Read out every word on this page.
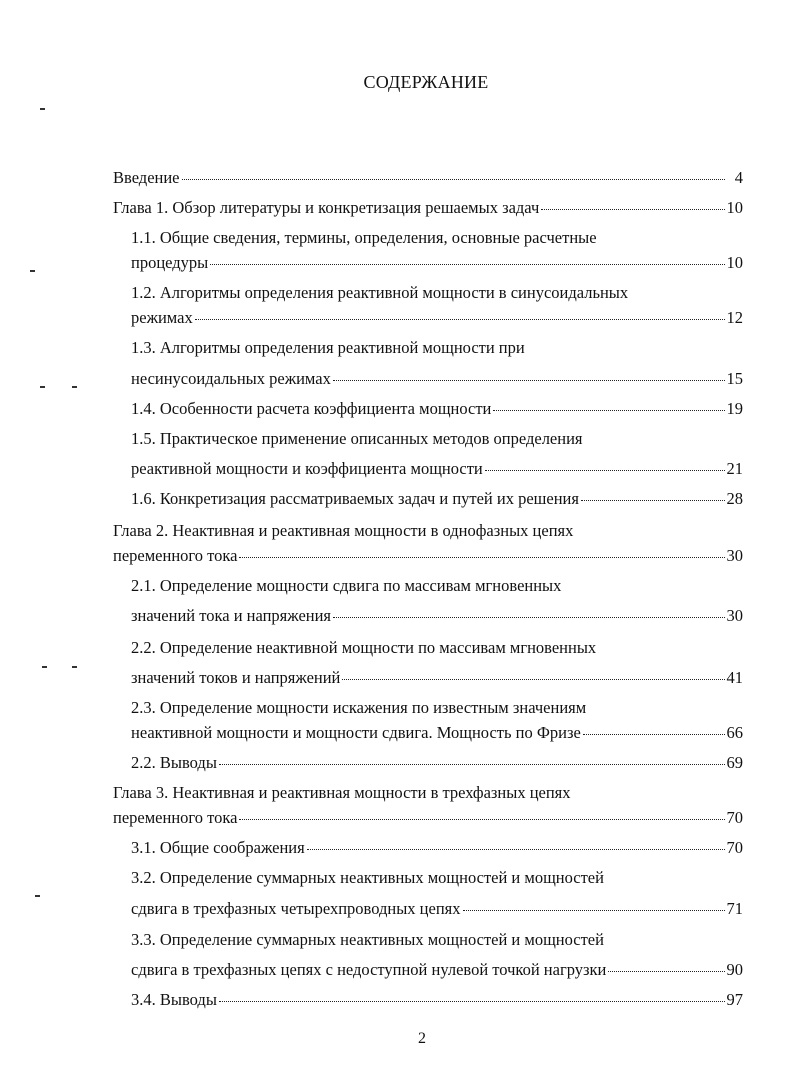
СОДЕРЖАНИЕ
Введение	4
Глава 1. Обзор литературы и конкретизация решаемых задач	10
1.1. Общие сведения, термины, определения, основные расчетные
процедуры	10
1.2. Алгоритмы определения реактивной мощности в синусоидальных
режимах	12
1.3. Алгоритмы определения реактивной мощности при
несинусоидальных режимах	15
1.4. Особенности расчета коэффициента мощности	19
1.5. Практическое применение описанных методов определения
реактивной мощности и коэффициента мощности	21
1.6. Конкретизация рассматриваемых задач и путей их решения	28
Глава 2. Неактивная и реактивная мощности в однофазных цепях
переменного тока	30
2.1. Определение мощности сдвига по массивам мгновенных
значений тока и напряжения	30
2.2. Определение неактивной мощности по массивам мгновенных
значений токов и напряжений	41
2.3. Определение мощности искажения по известным значениям
неактивной мощности и мощности сдвига. Мощность по Фризе	66
2.2. Выводы	69
Глава 3. Неактивная и реактивная мощности в трехфазных цепях
переменного тока	70
3.1. Общие соображения	70
3.2. Определение суммарных неактивных мощностей и мощностей
сдвига в трехфазных четырехпроводных цепях	71
3.3. Определение суммарных неактивных мощностей и мощностей
сдвига в трехфазных цепях с недоступной нулевой точкой нагрузки	90
3.4. Выводы	97
2
